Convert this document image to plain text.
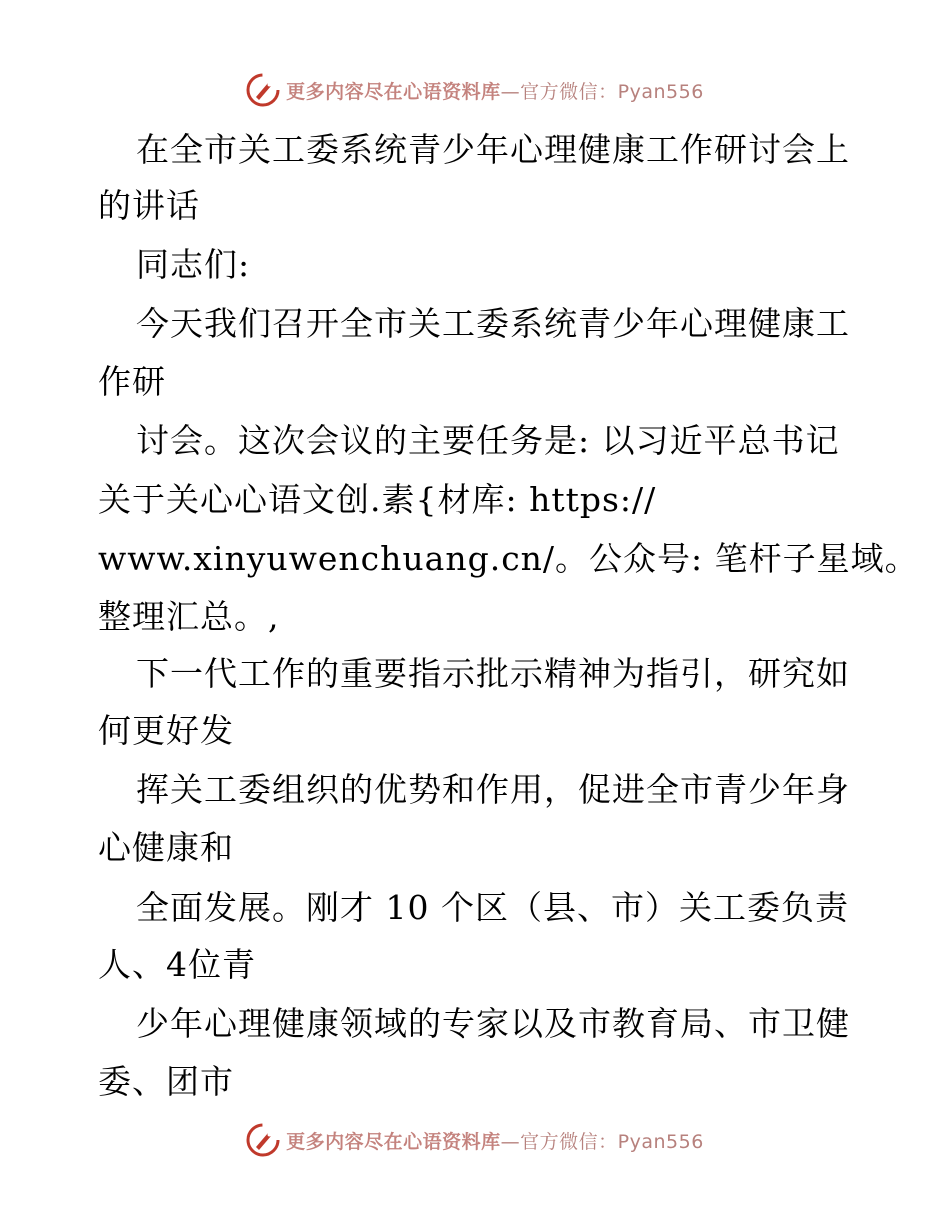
更多内容尽在心语资料库—官方微信：Pyan556
在全市关工委系统青少年心理健康工作研讨会上
的讲话
同志们:
今天我们召开全市关工委系统青少年心理健康工
作研
讨会。这次会议的主要任务是: 以习近平总书记
关于关心心语文创.素{材库: https://
www.xinyuwenchuang.cn/。公众号: 笔杆子星域。
整理汇总。,
下一代工作的重要指示批示精神为指引，研究如
何更好发
挥关工委组织的优势和作用，促进全市青少年身
心健康和
全面发展。刚才 10 个区（县、市）关工委负责
人、4位青
少年心理健康领域的专家以及市教育局、市卫健
委、团市
更多内容尽在心语资料库—官方微信：Pyan556
